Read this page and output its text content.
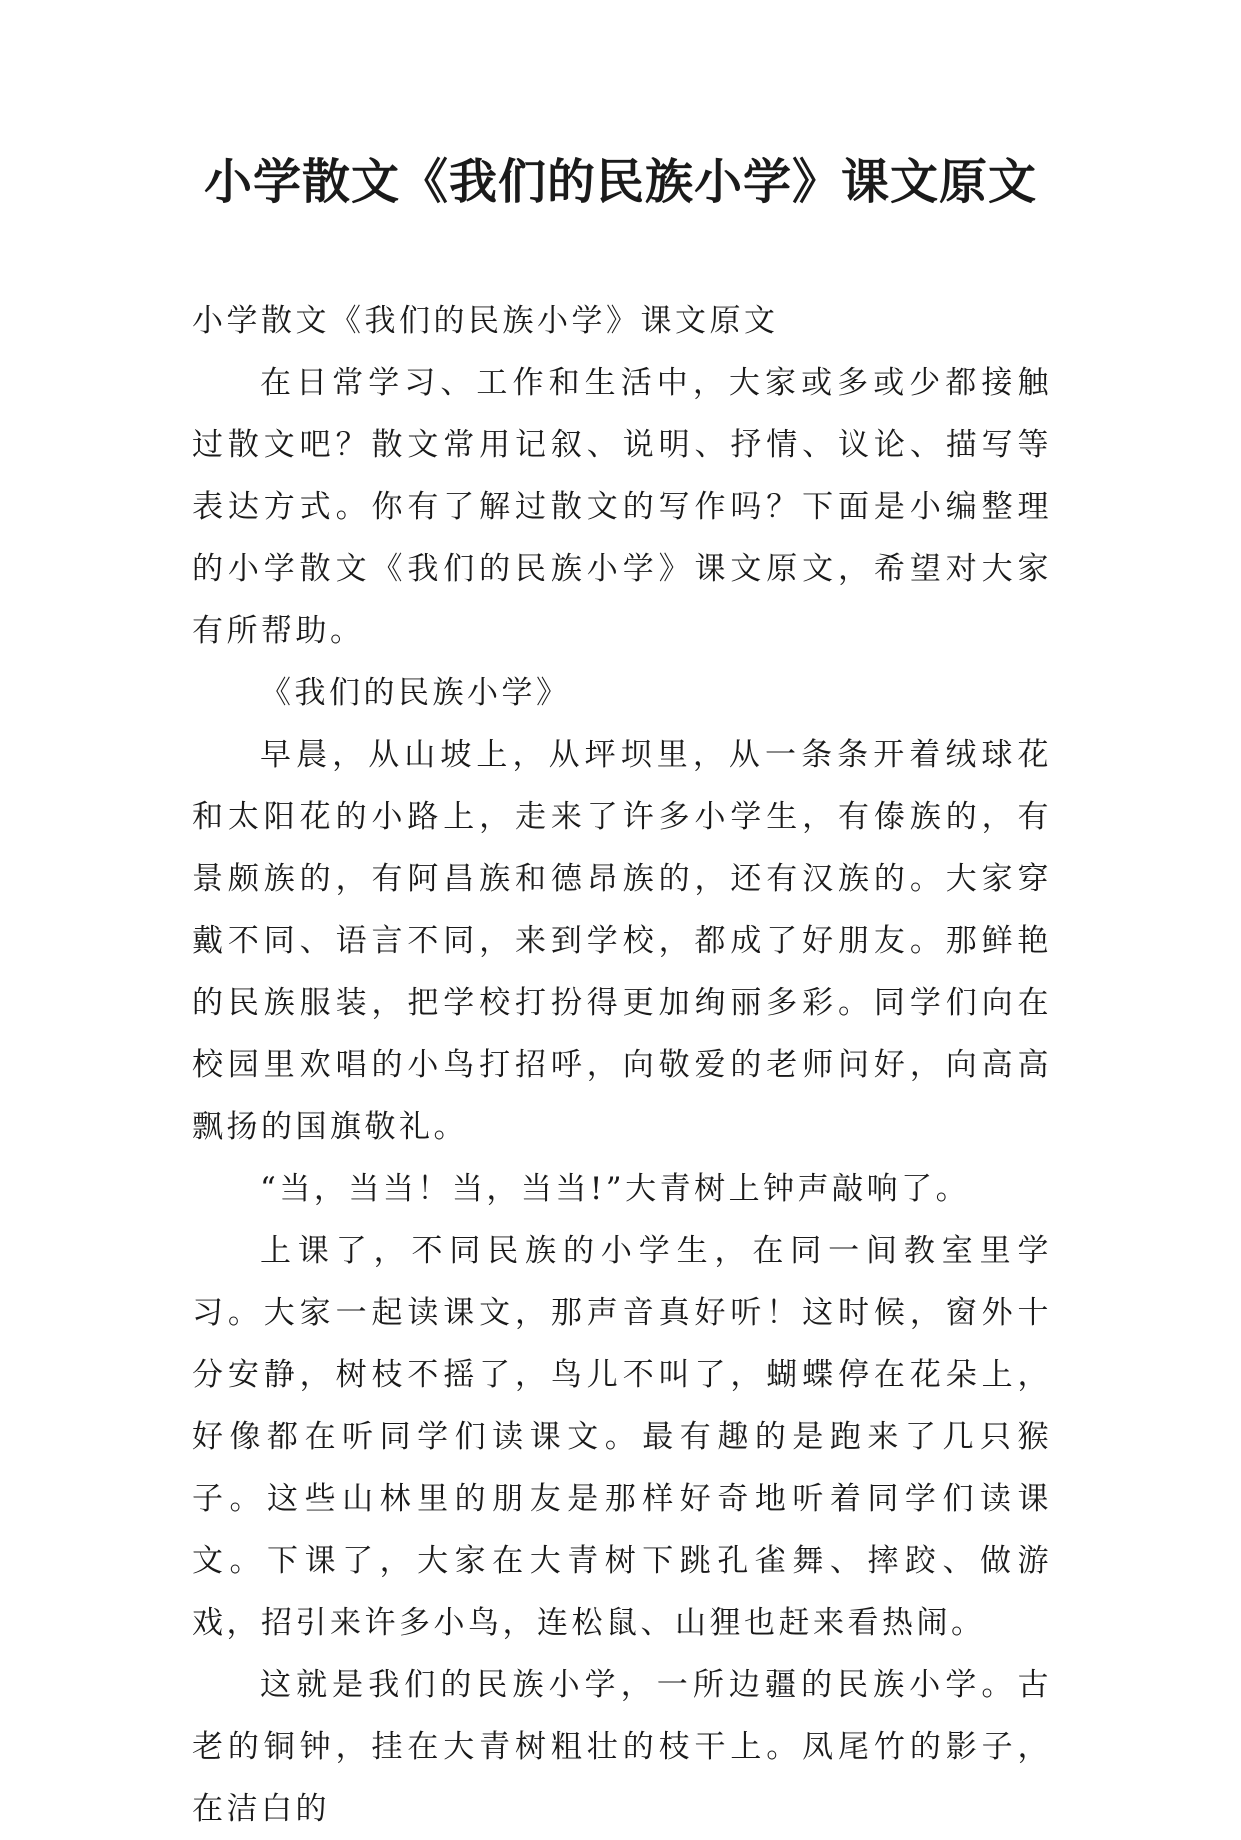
小学散文《我们的民族小学》课文原文

小学散文《我们的民族小学》课文原文

在日常学习、工作和生活中，大家或多或少都接触过散文吧？散文常用记叙、说明、抒情、议论、描写等表达方式。你有了解过散文的写作吗？下面是小编整理的小学散文《我们的民族小学》课文原文，希望对大家有所帮助。

《我们的民族小学》

早晨，从山坡上，从坪坝里，从一条条开着绒球花和太阳花的小路上，走来了许多小学生，有傣族的，有景颇族的，有阿昌族和德昂族的，还有汉族的。大家穿戴不同、语言不同，来到学校，都成了好朋友。那鲜艳的民族服装，把学校打扮得更加绚丽多彩。同学们向在校园里欢唱的小鸟打招呼，向敬爱的老师问好，向高高飘扬的国旗敬礼。

“当，当当！当，当当!”大青树上钟声敲响了。

上课了，不同民族的小学生，在同一间教室里学习。大家一起读课文，那声音真好听！这时候，窗外十分安静，树枝不摇了，鸟儿不叫了，蝴蝶停在花朵上，好像都在听同学们读课文。最有趣的是跑来了几只猴子。这些山林里的朋友是那样好奇地听着同学们读课文。下课了，大家在大青树下跳孔雀舞、摔跤、做游戏，招引来许多小鸟，连松鼠、山狸也赶来看热闹。

这就是我们的民族小学，一所边疆的民族小学。古老的铜钟，挂在大青树粗壮的枝干上。凤尾竹的影子，在洁白的
